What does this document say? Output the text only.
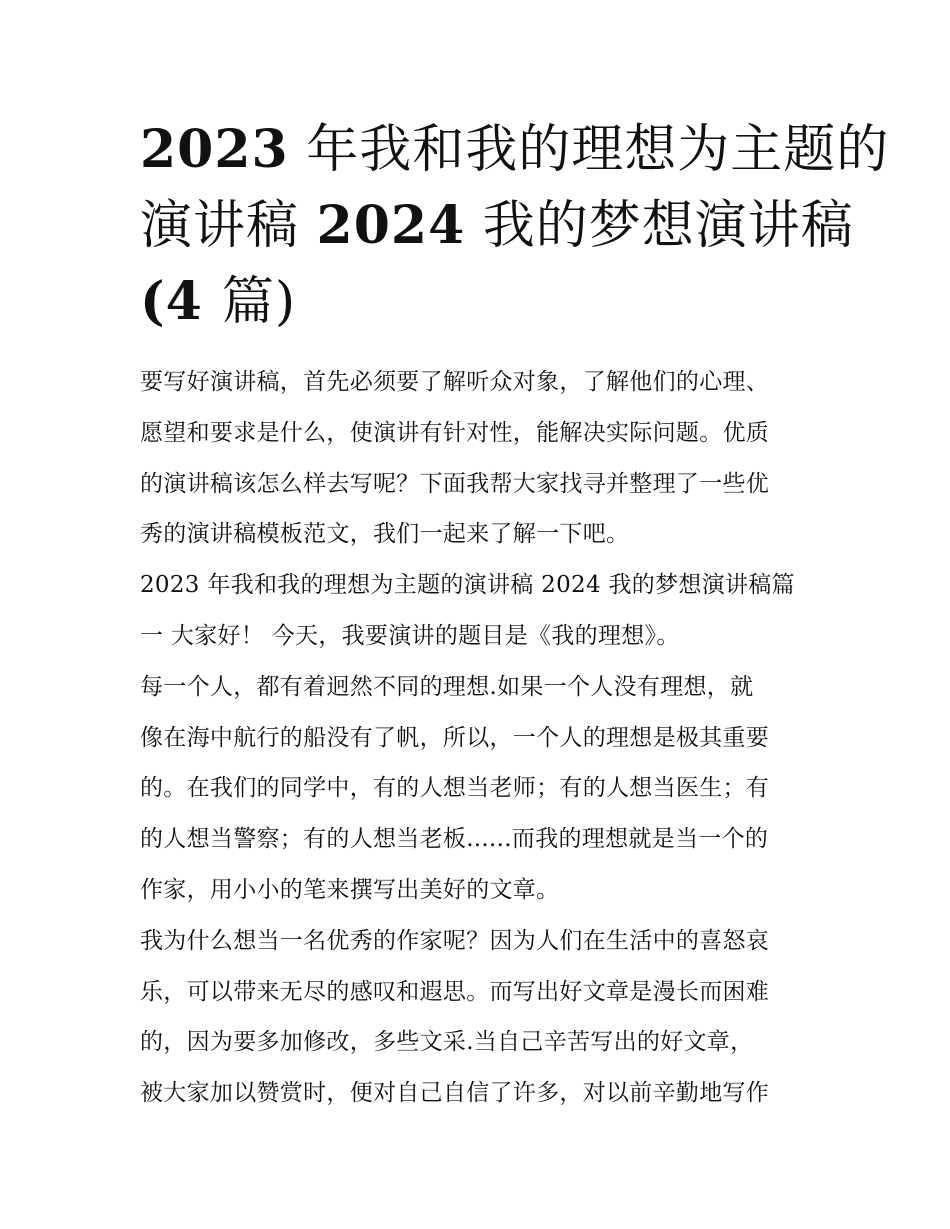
2023 年我和我的理想为主题的
演讲稿 2024 我的梦想演讲稿
(4 篇)
要写好演讲稿，首先必须要了解听众对象，了解他们的心理、
愿望和要求是什么，使演讲有针对性，能解决实际问题。优质
的演讲稿该怎么样去写呢？下面我帮大家找寻并整理了一些优
秀的演讲稿模板范文，我们一起来了解一下吧。
2023 年我和我的理想为主题的演讲稿 2024 我的梦想演讲稿篇
一 大家好！ 今天，我要演讲的题目是《我的理想》。
每一个人，都有着迥然不同的理想.如果一个人没有理想，就
像在海中航行的船没有了帆，所以，一个人的理想是极其重要
的。在我们的同学中，有的人想当老师；有的人想当医生；有
的人想当警察；有的人想当老板......而我的理想就是当一个的
作家，用小小的笔来撰写出美好的文章。
我为什么想当一名优秀的作家呢？因为人们在生活中的喜怒哀
乐，可以带来无尽的感叹和遐思。而写出好文章是漫长而困难
的，因为要多加修改，多些文采.当自己辛苦写出的好文章，
被大家加以赞赏时，便对自己自信了许多，对以前辛勤地写作
